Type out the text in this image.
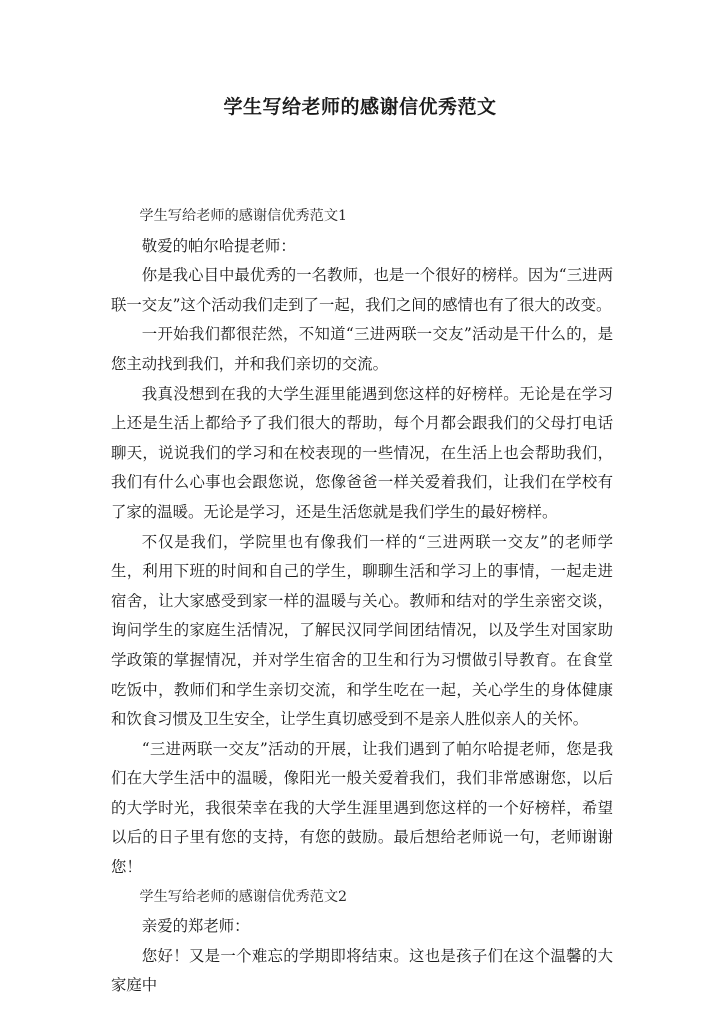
学生写给老师的感谢信优秀范文

学生写给老师的感谢信优秀范文1

敬爱的帕尔哈提老师：

你是我心目中最优秀的一名教师，也是一个很好的榜样。因为“三进两联一交友”这个活动我们走到了一起，我们之间的感情也有了很大的改变。

一开始我们都很茫然，不知道“三进两联一交友”活动是干什么的，是您主动找到我们，并和我们亲切的交流。

我真没想到在我的大学生涯里能遇到您这样的好榜样。无论是在学习上还是生活上都给予了我们很大的帮助，每个月都会跟我们的父母打电话聊天，说说我们的学习和在校表现的一些情况，在生活上也会帮助我们，我们有什么心事也会跟您说，您像爸爸一样关爱着我们，让我们在学校有了家的温暖。无论是学习，还是生活您就是我们学生的最好榜样。

不仅是我们，学院里也有像我们一样的“三进两联一交友”的老师学生，利用下班的时间和自己的学生，聊聊生活和学习上的事情，一起走进宿舍，让大家感受到家一样的温暖与关心。教师和结对的学生亲密交谈，询问学生的家庭生活情况，了解民汉同学间团结情况，以及学生对国家助学政策的掌握情况，并对学生宿舍的卫生和行为习惯做引导教育。在食堂吃饭中，教师们和学生亲切交流，和学生吃在一起，关心学生的身体健康和饮食习惯及卫生安全，让学生真切感受到不是亲人胜似亲人的关怀。

“三进两联一交友”活动的开展，让我们遇到了帕尔哈提老师，您是我们在大学生活中的温暖，像阳光一般关爱着我们，我们非常感谢您，以后的大学时光，我很荣幸在我的大学生涯里遇到您这样的一个好榜样，希望以后的日子里有您的支持，有您的鼓励。最后想给老师说一句，老师谢谢您！

学生写给老师的感谢信优秀范文2

亲爱的郑老师：

您好！又是一个难忘的学期即将结束。这也是孩子们在这个温馨的大家庭中
